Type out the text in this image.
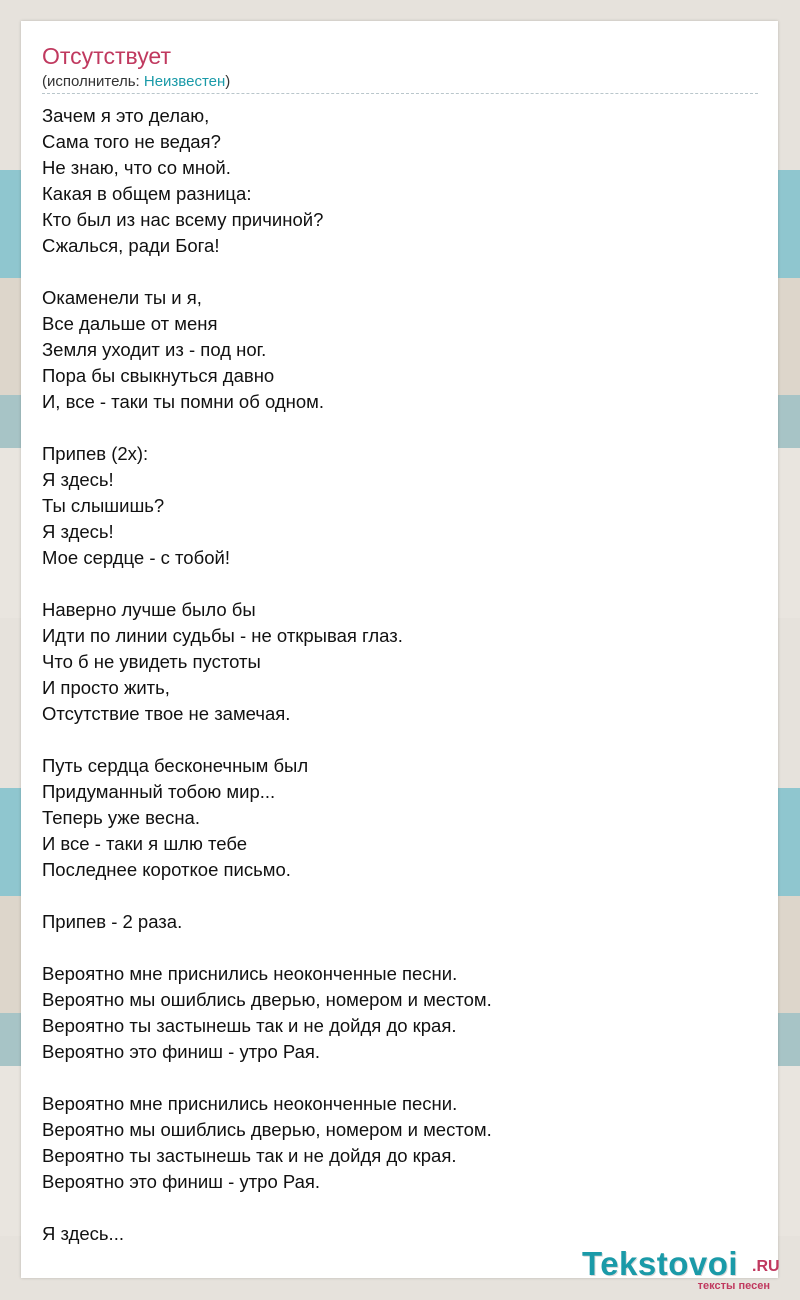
Отсутствует
(исполнитель: Неизвестен)
Зачем я это делаю,
Сама того не ведая?
Не знаю, что со мной.
Какая в общем разница:
Кто был из нас всему причиной?
Сжалься, ради Бога!

Окаменели ты и я,
Все дальше от меня
Земля уходит из - под ног.
Пора бы свыкнуться давно
И, все - таки ты помни об одном.

Припев (2x):
Я здесь!
Ты слышишь?
Я здесь!
Мое сердце - с тобой!

Наверно лучше было бы
Идти по линии судьбы - не открывая глаз.
Что б не увидеть пустоты
И просто жить,
Отсутствие твое не замечая.

Путь сердца бесконечным был
Придуманный тобою мир...
Теперь уже весна.
И все - таки я шлю тебе
Последнее короткое письмо.

Припев - 2 раза.

Вероятно мне приснились неоконченные песни.
Вероятно мы ошиблись дверью, номером и местом.
Вероятно ты застынешь так и не дойдя до края.
Вероятно это финиш - утро Рая.

Вероятно мне приснились неоконченные песни.
Вероятно мы ошиблись дверью, номером и местом.
Вероятно ты застынешь так и не дойдя до края.
Вероятно это финиш - утро Рая.

Я здесь...
Tekstovoi .RU
тексты песен
